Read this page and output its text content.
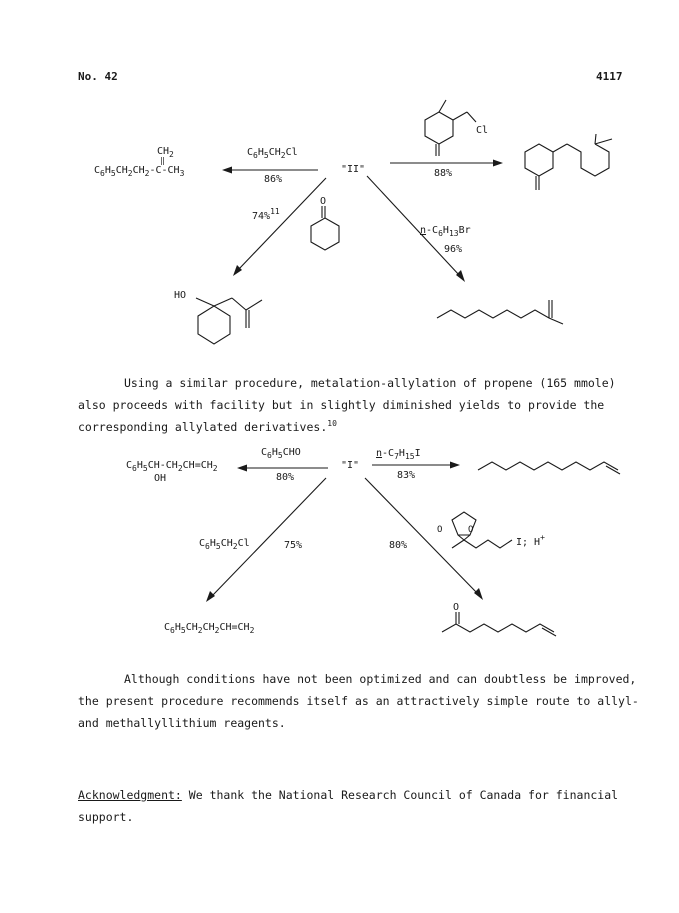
No. 42	4117
"II"
$C_6H_5CH_2Cl$
86%
$CH_2$
‖
$C_6H_5CH_2CH_2-C-CH_3$
Cl
88%
74%$^{11}$
O
HO
$n-C_6H_{13}Br$
96%
Using a similar procedure, metalation-allylation of propene (165 mmole)
also proceeds with facility but in slightly diminished yields to provide the
corresponding allylated derivatives.$^{10}$
"I"
$C_6H_5CHO$
80%
$C_6H_5CH-CH_2CH=CH_2$
OH
$n-C_7H_{15}I$
83%
$C_6H_5CH_2Cl$	75%
$C_6H_5CH_2CH_2CH=CH_2$
80%
O	O
I; H+
O
Although conditions have not been optimized and can doubtless be improved,
the present procedure recommends itself as an attractively simple route to allyl-
and methallyllithium reagents.
Acknowledgment: We thank the National Research Council of Canada for financial
support.
